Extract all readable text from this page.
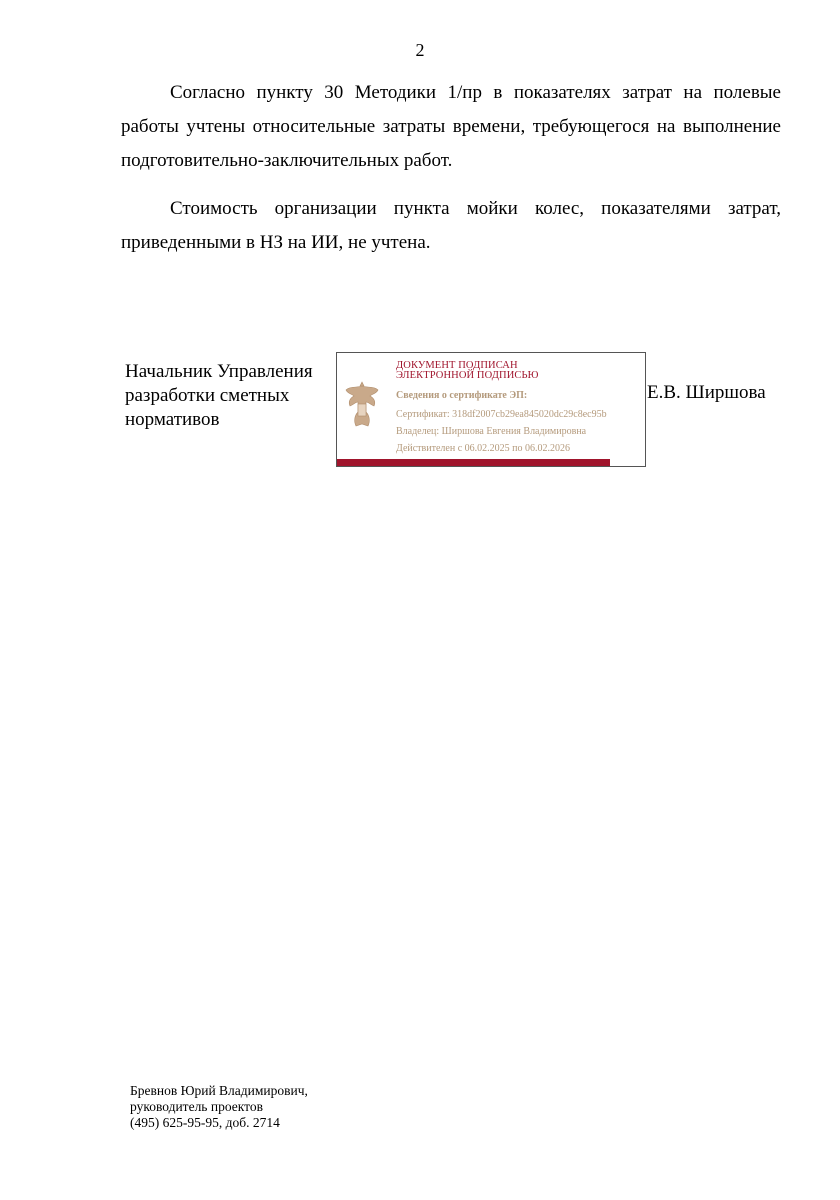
2

Согласно пункту 30 Методики 1/пр в показателях затрат на полевые работы учтены относительные затраты времени, требующегося на выполнение подготовительно-заключительных работ.

Стоимость организации пункта мойки колес, показателями затрат, приведенными в НЗ на ИИ, не учтена.

Начальник Управления
разработки сметных
нормативов
ДОКУМЕНТ ПОДПИСАН
ЭЛЕКТРОННОЙ ПОДПИСЬЮ
Сведения о сертификате ЭП:
Сертификат: 318df2007cb29ea845020dc29c8ec95b
Владелец: Ширшова Евгения Владимировна
Действителен с 06.02.2025 по 06.02.2026
Е.В. Ширшова
Бревнов Юрий Владимирович,
руководитель проектов
(495) 625-95-95, доб. 2714
